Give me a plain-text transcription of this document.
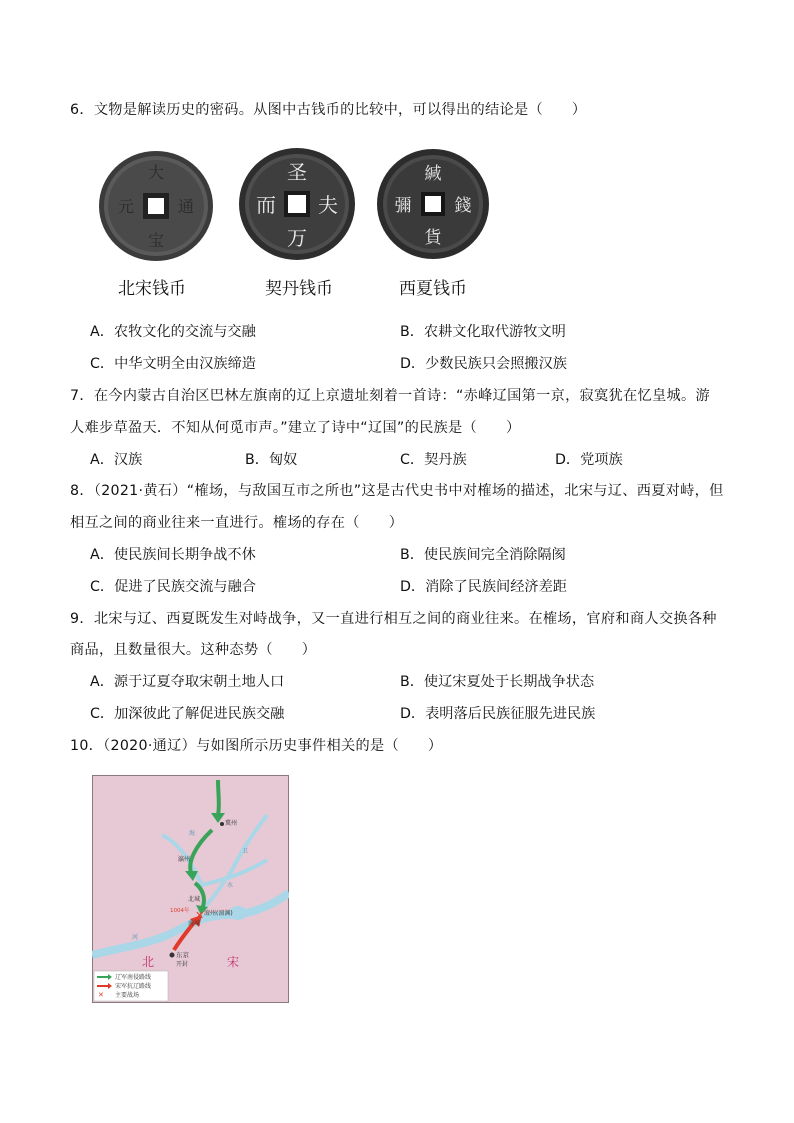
6．文物是解读历史的密码。从图中古钱币的比较中，可以得出的结论是（　　）
大
通
宝
元
圣
夫
万
而
緘
錢
貨
彌
北宋钱币	契丹钱币	西夏钱币
A．农牧文化的交流与交融	B．农耕文化取代游牧文明
C．中华文明全由汉族缔造	D．少数民族只会照搬汉族
7．在今内蒙古自治区巴林左旗南的辽上京遗址刻着一首诗：“赤峰辽国第一京，寂寞犹在忆皇城。游
人难步草盈天．不知从何觅市声。”建立了诗中“辽国”的民族是（　　）
A．汉族	B．匈奴	C．契丹族	D．党项族
8．（2021·黄石）“榷场，与敌国互市之所也”这是古代史书中对榷场的描述，北宋与辽、西夏对峙，但
相互之间的商业往来一直进行。榷场的存在（　　）
A．使民族间长期争战不休	B．使民族间完全消除隔阂
C．促进了民族交流与融合	D．消除了民族间经济差距
9．北宋与辽、西夏既发生对峙战争，又一直进行相互之间的商业往来。在榷场，官府和商人交换各种
商品，且数量很大。这种态势（　　）
A．源于辽夏夺取宋朝土地人口	B．使辽宋夏处于长期战争状态
C．加深彼此了解促进民族交融	D．表明落后民族征服先进民族
10．（2020·通辽）与如图所示历史事件相关的是（　　）
✕
冀州
瀛州
北城
1004年 澶州(澶渊)
南城
东京
开封
北	宋
海
卫
水
河
辽军南侵路线
宋军抗辽路线
✕ 主要战场
